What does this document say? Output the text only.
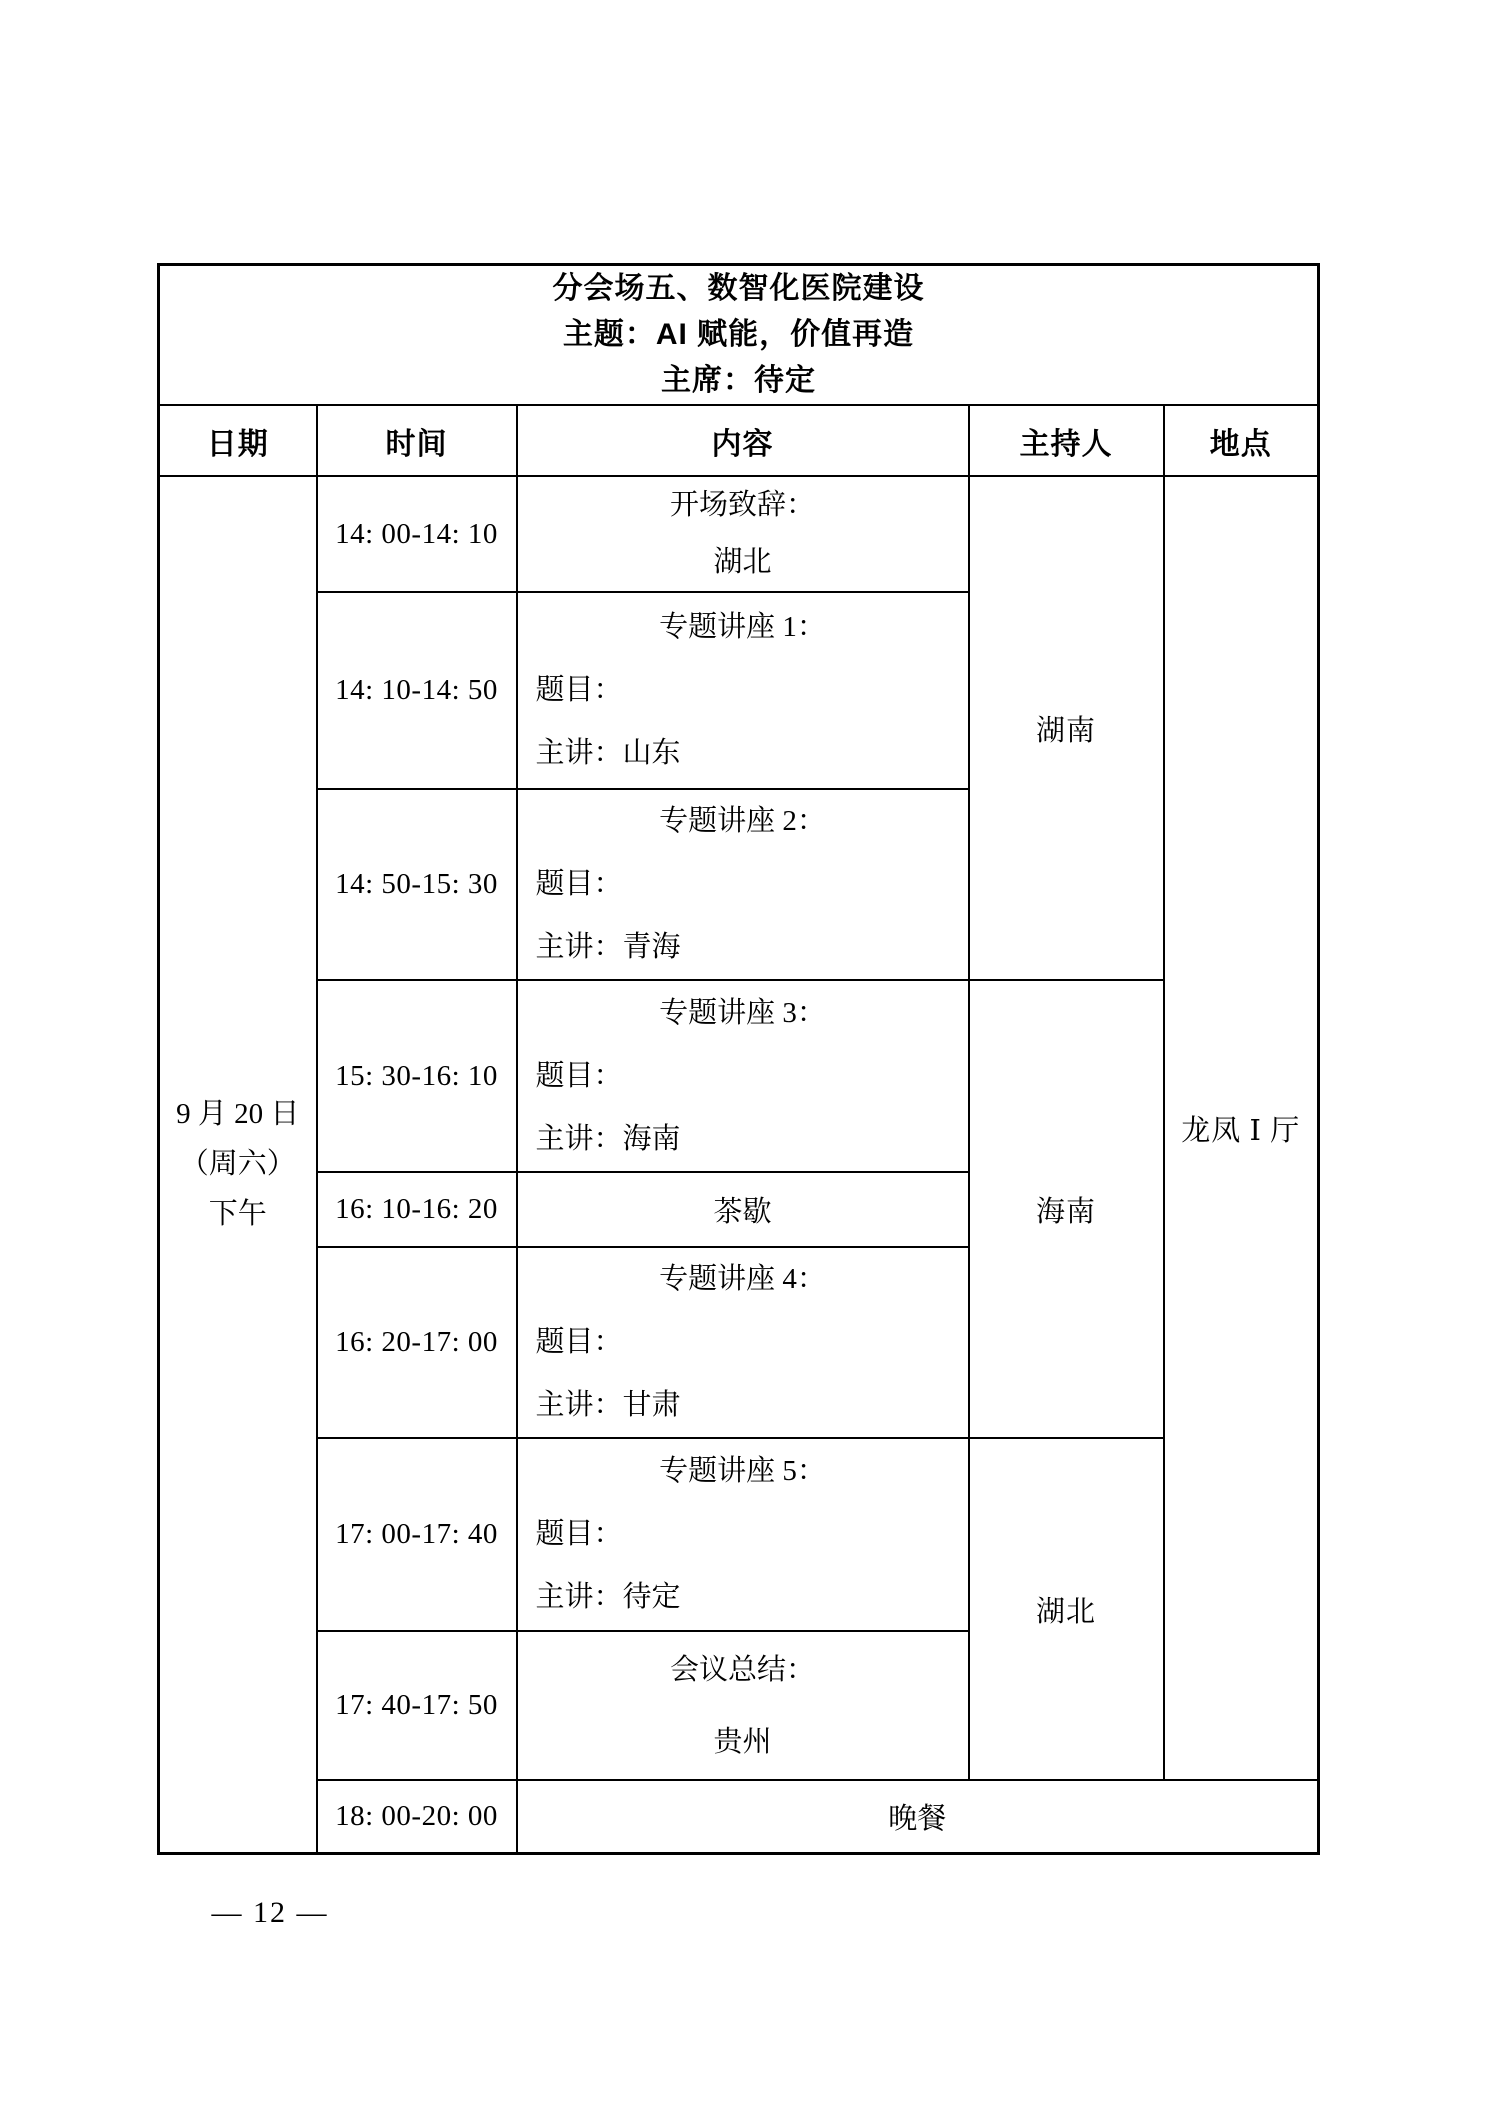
分会场五、数智化医院建设
主题：AI 赋能，价值再造
主席：待定				

日期	时间	内容	主持人	地点

9 月 20 日
（周六）
下午
	14: 00-14: 10	
开场致辞：
湖北
	湖南	龙凤 Ⅰ 厅
	14: 10-14: 50	专题讲座 1：
题目：
主讲：山东		

	14: 50-15: 30	专题讲座 2：
题目：
主讲：青海		

	15: 30-16: 10	专题讲座 3：
题目：
主讲：海南	海南	
	16: 10-16: 20	茶歇		

	16: 20-17: 00	专题讲座 4：
题目：
主讲：甘肃		

	17: 00-17: 40	专题讲座 5：
题目：
主讲：待定	湖北	
	17: 40-17: 50	会议总结：
贵州		

	18: 00-20: 00	晚餐		
— 12 —
